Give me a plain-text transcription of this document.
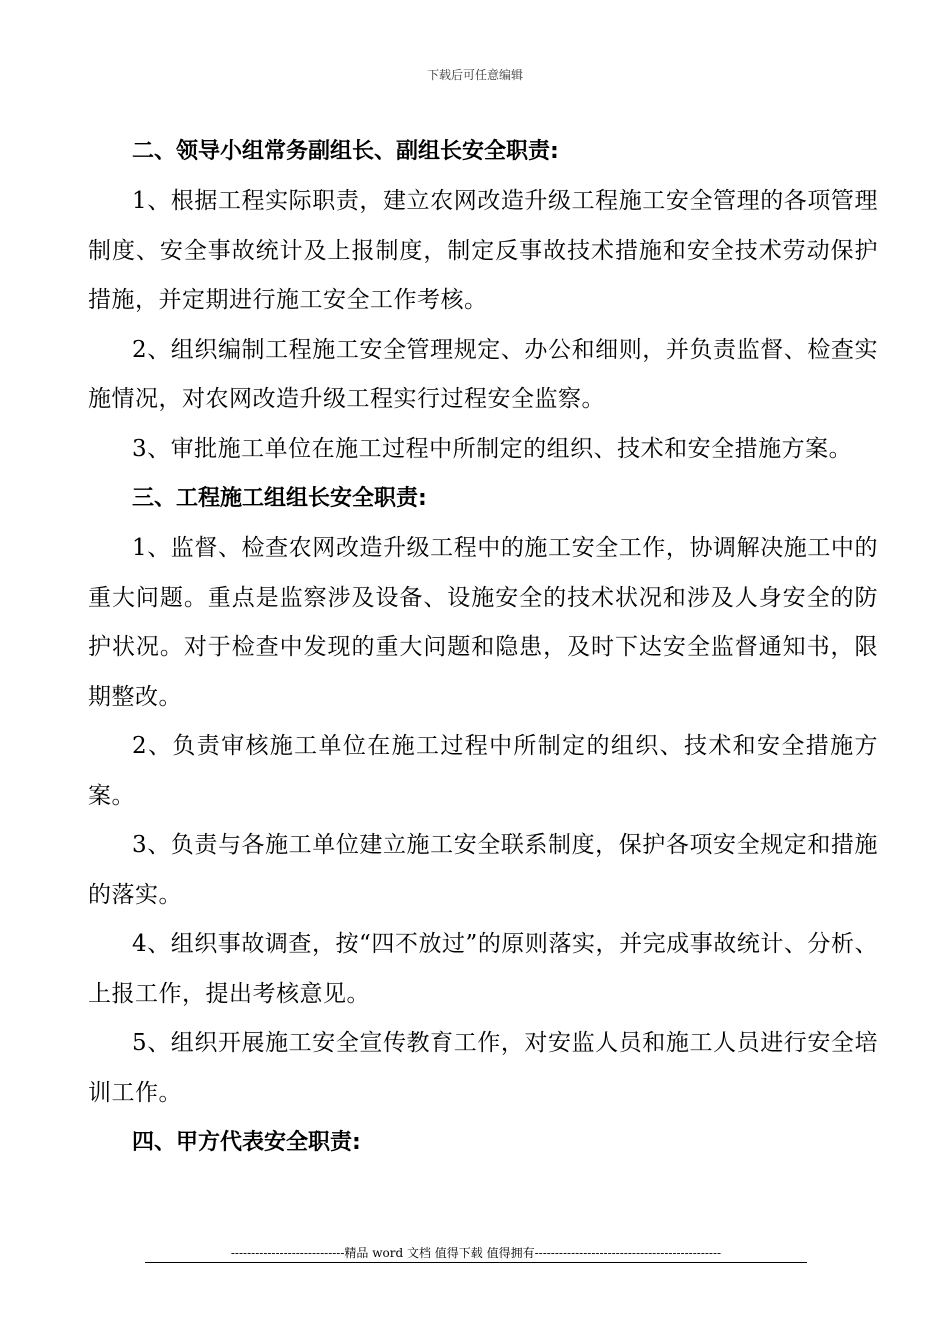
下载后可任意编辑
二、领导小组常务副组长、副组长安全职责:

1、根据工程实际职责，建立农网改造升级工程施工安全管理的各项管理制度、安全事故统计及上报制度，制定反事故技术措施和安全技术劳动保护措施，并定期进行施工安全工作考核。

2、组织编制工程施工安全管理规定、办公和细则，并负责监督、检查实施情况，对农网改造升级工程实行过程安全监察。

3、审批施工单位在施工过程中所制定的组织、技术和安全措施方案。

三、工程施工组组长安全职责:

1、监督、检查农网改造升级工程中的施工安全工作，协调解决施工中的重大问题。重点是监察涉及设备、设施安全的技术状况和涉及人身安全的防护状况。对于检查中发现的重大问题和隐患，及时下达安全监督通知书，限期整改。

2、负责审核施工单位在施工过程中所制定的组织、技术和安全措施方案。

3、负责与各施工单位建立施工安全联系制度，保护各项安全规定和措施的落实。

4、组织事故调查，按“四不放过”的原则落实，并完成事故统计、分析、上报工作，提出考核意见。

5、组织开展施工安全宣传教育工作，对安监人员和施工人员进行安全培训工作。

四、甲方代表安全职责:
----------------------------精品 word 文档 值得下载 值得拥有----------------------------------------------
